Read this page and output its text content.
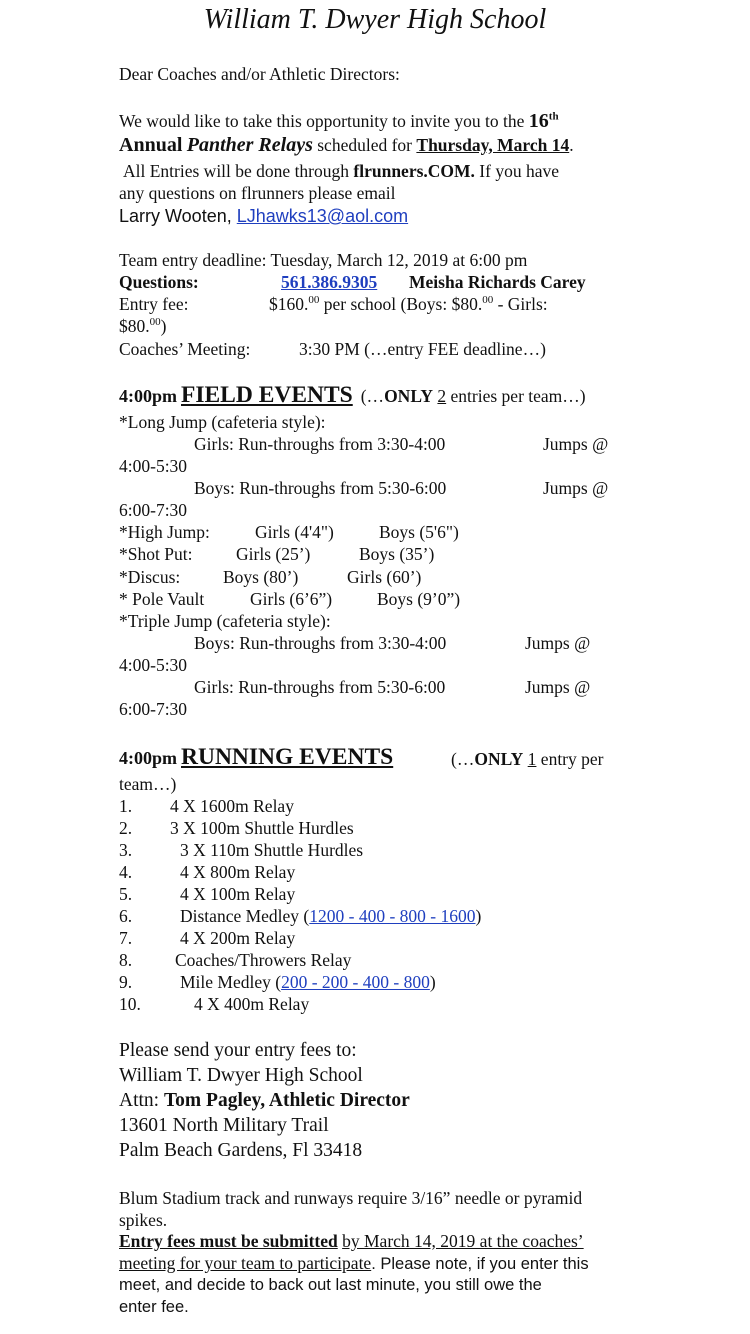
William T. Dwyer High School
Dear Coaches and/or Athletic Directors:
We would like to take this opportunity to invite you to the 16th
Annual Panther Relays scheduled for Thursday, March 14.
All Entries will be done through flrunners.COM. If you have
any questions on flrunners please email
Larry Wooten, LJhawks13@aol.com
Team entry deadline: Tuesday, March 12, 2019 at 6:00 pm
Questions:	561.386.9305 Meisha Richards Carey
Entry fee:	$160.00 per school (Boys: $80.00 - Girls:
$80.00)
Coaches’ Meeting:	3:30 PM (…entry FEE deadline…)
4:00pm FIELD EVENTS (…ONLY 2 entries per team…)
*Long Jump (cafeteria style):
Girls: Run-throughs from 3:30-4:00	Jumps @
4:00-5:30
Boys: Run-throughs from 5:30-6:00	Jumps @
6:00-7:30
*High Jump:	Girls (4'4")	Boys (5'6")
*Shot Put: Girls (25’)	Boys (35’)
*Discus: Boys (80’)	Girls (60’)
* Pole Vault	Girls (6’6”)	Boys (9’0”)
*Triple Jump (cafeteria style):
Boys: Run-throughs from 3:30-4:00	Jumps @
4:00-5:30
Girls: Run-throughs from 5:30-6:00	Jumps @
6:00-7:30
4:00pm RUNNING EVENTS	(…ONLY 1 entry per
team…)
1. 4 X 1600m Relay
2. 3 X 100m Shuttle Hurdles
3.	3 X 110m Shuttle Hurdles
4.	4 X 800m Relay
5.	4 X 100m Relay
6.	Distance Medley (1200 - 400 - 800 - 1600)
7.	4 X 200m Relay
8. Coaches/Throwers Relay
9.	Mile Medley (200 - 200 - 400 - 800)
10.	4 X 400m Relay
Please send your entry fees to:
William T. Dwyer High School
Attn: Tom Pagley, Athletic Director
13601 North Military Trail
Palm Beach Gardens, Fl 33418
Blum Stadium track and runways require 3/16” needle or pyramid
spikes.
Entry fees must be submitted by March 14, 2019 at the coaches’
meeting for your team to participate. Please note, if you enter this
meet, and decide to back out last minute, you still owe the
enter fee.
